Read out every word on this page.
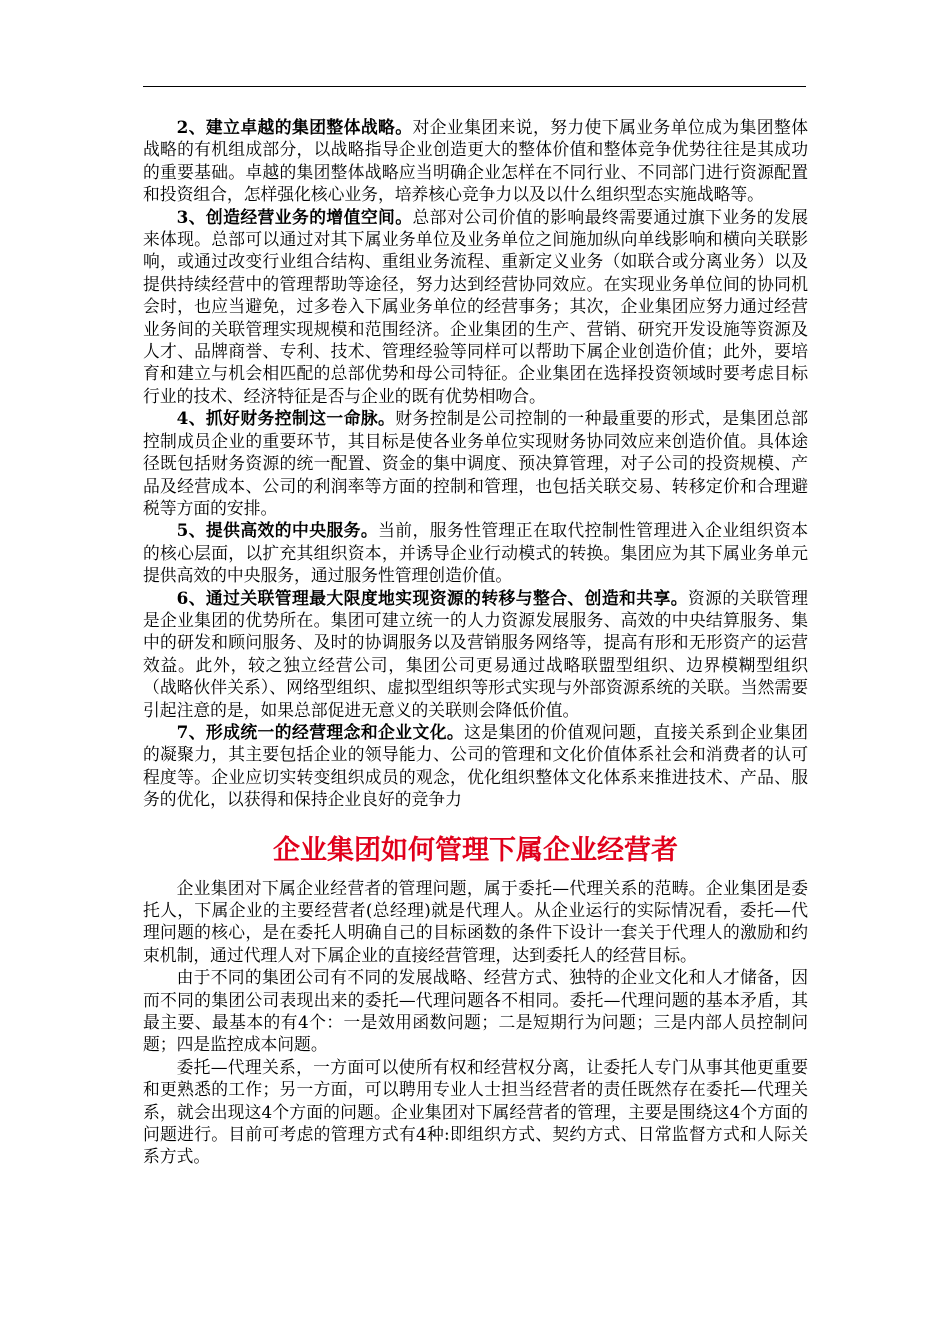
2、建立卓越的集团整体战略。对企业集团来说，努力使下属业务单位成为集团整体战略的有机组成部分，以战略指导企业创造更大的整体价值和整体竞争优势往往是其成功的重要基础。卓越的集团整体战略应当明确企业怎样在不同行业、不同部门进行资源配置和投资组合，怎样强化核心业务，培养核心竞争力以及以什么组织型态实施战略等。

3、创造经营业务的增值空间。总部对公司价值的影响最终需要通过旗下业务的发展来体现。总部可以通过对其下属业务单位及业务单位之间施加纵向单线影响和横向关联影响，或通过改变行业组合结构、重组业务流程、重新定义业务（如联合或分离业务）以及提供持续经营中的管理帮助等途径，努力达到经营协同效应。在实现业务单位间的协同机会时，也应当避免，过多卷入下属业务单位的经营事务；其次，企业集团应努力通过经营业务间的关联管理实现规模和范围经济。企业集团的生产、营销、研究开发设施等资源及人才、品牌商誉、专利、技术、管理经验等同样可以帮助下属企业创造价值；此外，要培育和建立与机会相匹配的总部优势和母公司特征。企业集团在选择投资领域时要考虑目标行业的技术、经济特征是否与企业的既有优势相吻合。

4、抓好财务控制这一命脉。财务控制是公司控制的一种最重要的形式，是集团总部控制成员企业的重要环节，其目标是使各业务单位实现财务协同效应来创造价值。具体途径既包括财务资源的统一配置、资金的集中调度、预决算管理，对子公司的投资规模、产品及经营成本、公司的利润率等方面的控制和管理，也包括关联交易、转移定价和合理避税等方面的安排。

5、提供高效的中央服务。当前，服务性管理正在取代控制性管理进入企业组织资本的核心层面，以扩充其组织资本，并诱导企业行动模式的转换。集团应为其下属业务单元提供高效的中央服务，通过服务性管理创造价值。

6、通过关联管理最大限度地实现资源的转移与整合、创造和共享。资源的关联管理是企业集团的优势所在。集团可建立统一的人力资源发展服务、高效的中央结算服务、集中的研发和顾问服务、及时的协调服务以及营销服务网络等，提高有形和无形资产的运营效益。此外，较之独立经营公司，集团公司更易通过战略联盟型组织、边界模糊型组织（战略伙伴关系）、网络型组织、虚拟型组织等形式实现与外部资源系统的关联。当然需要引起注意的是，如果总部促进无意义的关联则会降低价值。

7、形成统一的经营理念和企业文化。这是集团的价值观问题，直接关系到企业集团的凝聚力，其主要包括企业的领导能力、公司的管理和文化价值体系社会和消费者的认可程度等。企业应切实转变组织成员的观念，优化组织整体文化体系来推进技术、产品、服务的优化，以获得和保持企业良好的竞争力

企业集团如何管理下属企业经营者

企业集团对下属企业经营者的管理问题，属于委托—代理关系的范畴。企业集团是委托人，下属企业的主要经营者(总经理)就是代理人。从企业运行的实际情况看，委托—代理问题的核心，是在委托人明确自己的目标函数的条件下设计一套关于代理人的激励和约束机制，通过代理人对下属企业的直接经营管理，达到委托人的经营目标。

由于不同的集团公司有不同的发展战略、经营方式、独特的企业文化和人才储备，因而不同的集团公司表现出来的委托—代理问题各不相同。委托—代理问题的基本矛盾，其最主要、最基本的有4个：一是效用函数问题；二是短期行为问题；三是内部人员控制问题；四是监控成本问题。

委托—代理关系，一方面可以使所有权和经营权分离，让委托人专门从事其他更重要和更熟悉的工作；另一方面，可以聘用专业人士担当经营者的责任既然存在委托—代理关系，就会出现这4个方面的问题。企业集团对下属经营者的管理，主要是围绕这4个方面的问题进行。目前可考虑的管理方式有4种:即组织方式、契约方式、日常监督方式和人际关系方式。
